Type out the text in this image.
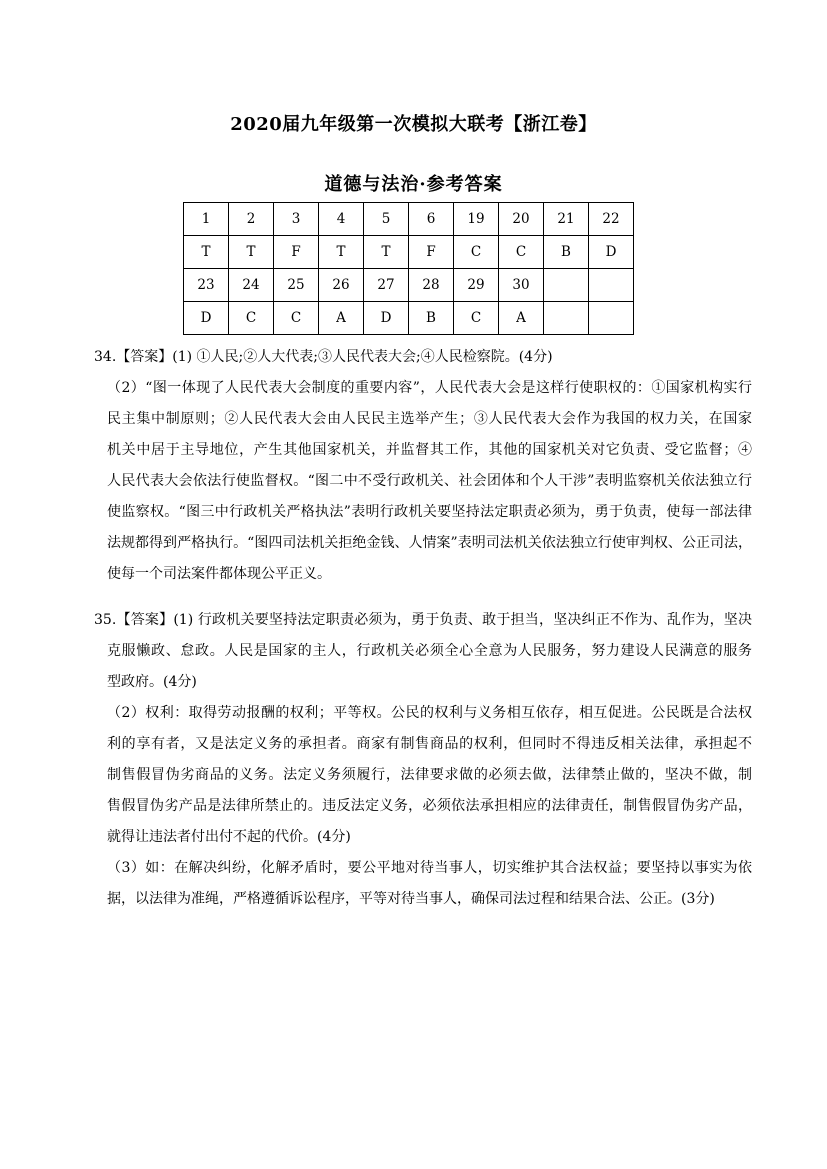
2020届九年级第一次模拟大联考【浙江卷】
道德与法治·参考答案
1	2	3	4	5	6	19	20	21	22
T	T	F	T	T	F	C	C	B	D
23	24	25	26	27	28	29	30		
D	C	C	A	D	B	C	A		
34.【答案】(1) ①人民;②人大代表;③人民代表大会;④人民检察院。(4分)
（2）“图一体现了人民代表大会制度的重要内容”，人民代表大会是这样行使职权的：①国家机构实行
民主集中制原则；②人民代表大会由人民民主选举产生；③人民代表大会作为我国的权力关，在国家
机关中居于主导地位，产生其他国家机关，并监督其工作，其他的国家机关对它负责、受它监督；④
人民代表大会依法行使监督权。“图二中不受行政机关、社会团体和个人干涉”表明监察机关依法独立行
使监察权。“图三中行政机关严格执法”表明行政机关要坚持法定职责必须为，勇于负责，使每一部法律
法规都得到严格执行。“图四司法机关拒绝金钱、人情案”表明司法机关依法独立行使审判权、公正司法，
使每一个司法案件都体现公平正义。
35.【答案】(1) 行政机关要坚持法定职责必须为，勇于负责、敢于担当，坚决纠正不作为、乱作为，坚决
克服懒政、怠政。人民是国家的主人，行政机关必须全心全意为人民服务，努力建设人民满意的服务
型政府。(4分)
（2）权利：取得劳动报酬的权利；平等权。公民的权利与义务相互依存，相互促进。公民既是合法权
利的享有者，又是法定义务的承担者。商家有制售商品的权利，但同时不得违反相关法律，承担起不
制售假冒伪劣商品的义务。法定义务须履行，法律要求做的必须去做，法律禁止做的，坚决不做，制
售假冒伪劣产品是法律所禁止的。违反法定义务，必须依法承担相应的法律责任，制售假冒伪劣产品，
就得让违法者付出付不起的代价。(4分)
（3）如：在解决纠纷，化解矛盾时，要公平地对待当事人，切实维护其合法权益；要坚持以事实为依
据，以法律为准绳，严格遵循诉讼程序，平等对待当事人，确保司法过程和结果合法、公正。(3分)
